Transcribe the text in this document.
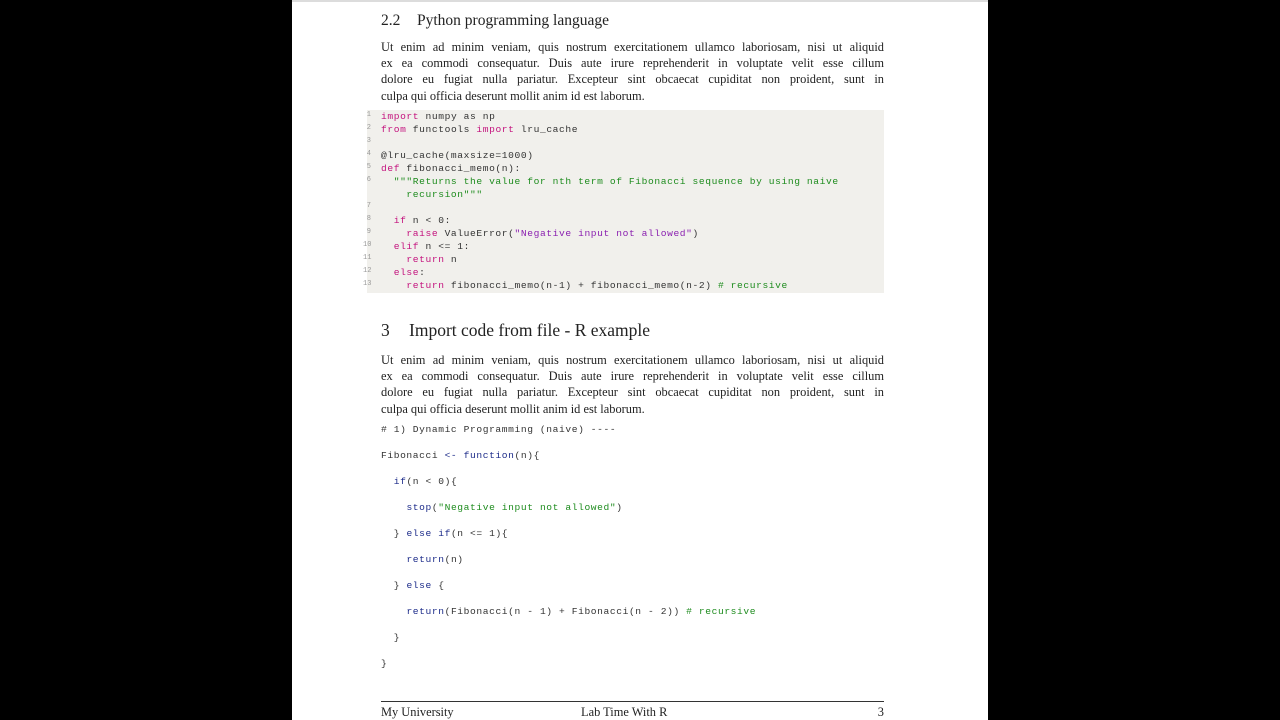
2.2 Python programming language
Ut enim ad minim veniam, quis nostrum exercitationem ullamco laboriosam, nisi ut aliquid
ex ea commodi consequatur. Duis aute irure reprehenderit in voluptate velit esse cillum
dolore eu fugiat nulla pariatur. Excepteur sint obcaecat cupiditat non proident, sunt in
culpa qui officia deserunt mollit anim id est laborum.
1 import numpy as np
2 from functools import lru_cache
3
4 @lru_cache(maxsize=1000)
5 def fibonacci_memo(n):
6 """Returns the value for nth term of Fibonacci sequence by using naive
recursion"""
7
8 if n < 0:
9 raise ValueError("Negative input not allowed")
10 elif n <= 1:
11 return n
12 else:
13 return fibonacci_memo(n-1) + fibonacci_memo(n-2) # recursive
3 Import code from file - R example
Ut enim ad minim veniam, quis nostrum exercitationem ullamco laboriosam, nisi ut aliquid
ex ea commodi consequatur. Duis aute irure reprehenderit in voluptate velit esse cillum
dolore eu fugiat nulla pariatur. Excepteur sint obcaecat cupiditat non proident, sunt in
culpa qui officia deserunt mollit anim id est laborum.
# 1) Dynamic Programming (naive) ----
Fibonacci <- function(n){
if(n < 0){
stop("Negative input not allowed")
} else if(n <= 1){
return(n)
} else {
return(Fibonacci(n - 1) + Fibonacci(n - 2)) # recursive
}
}
My University	Lab Time With R	3
